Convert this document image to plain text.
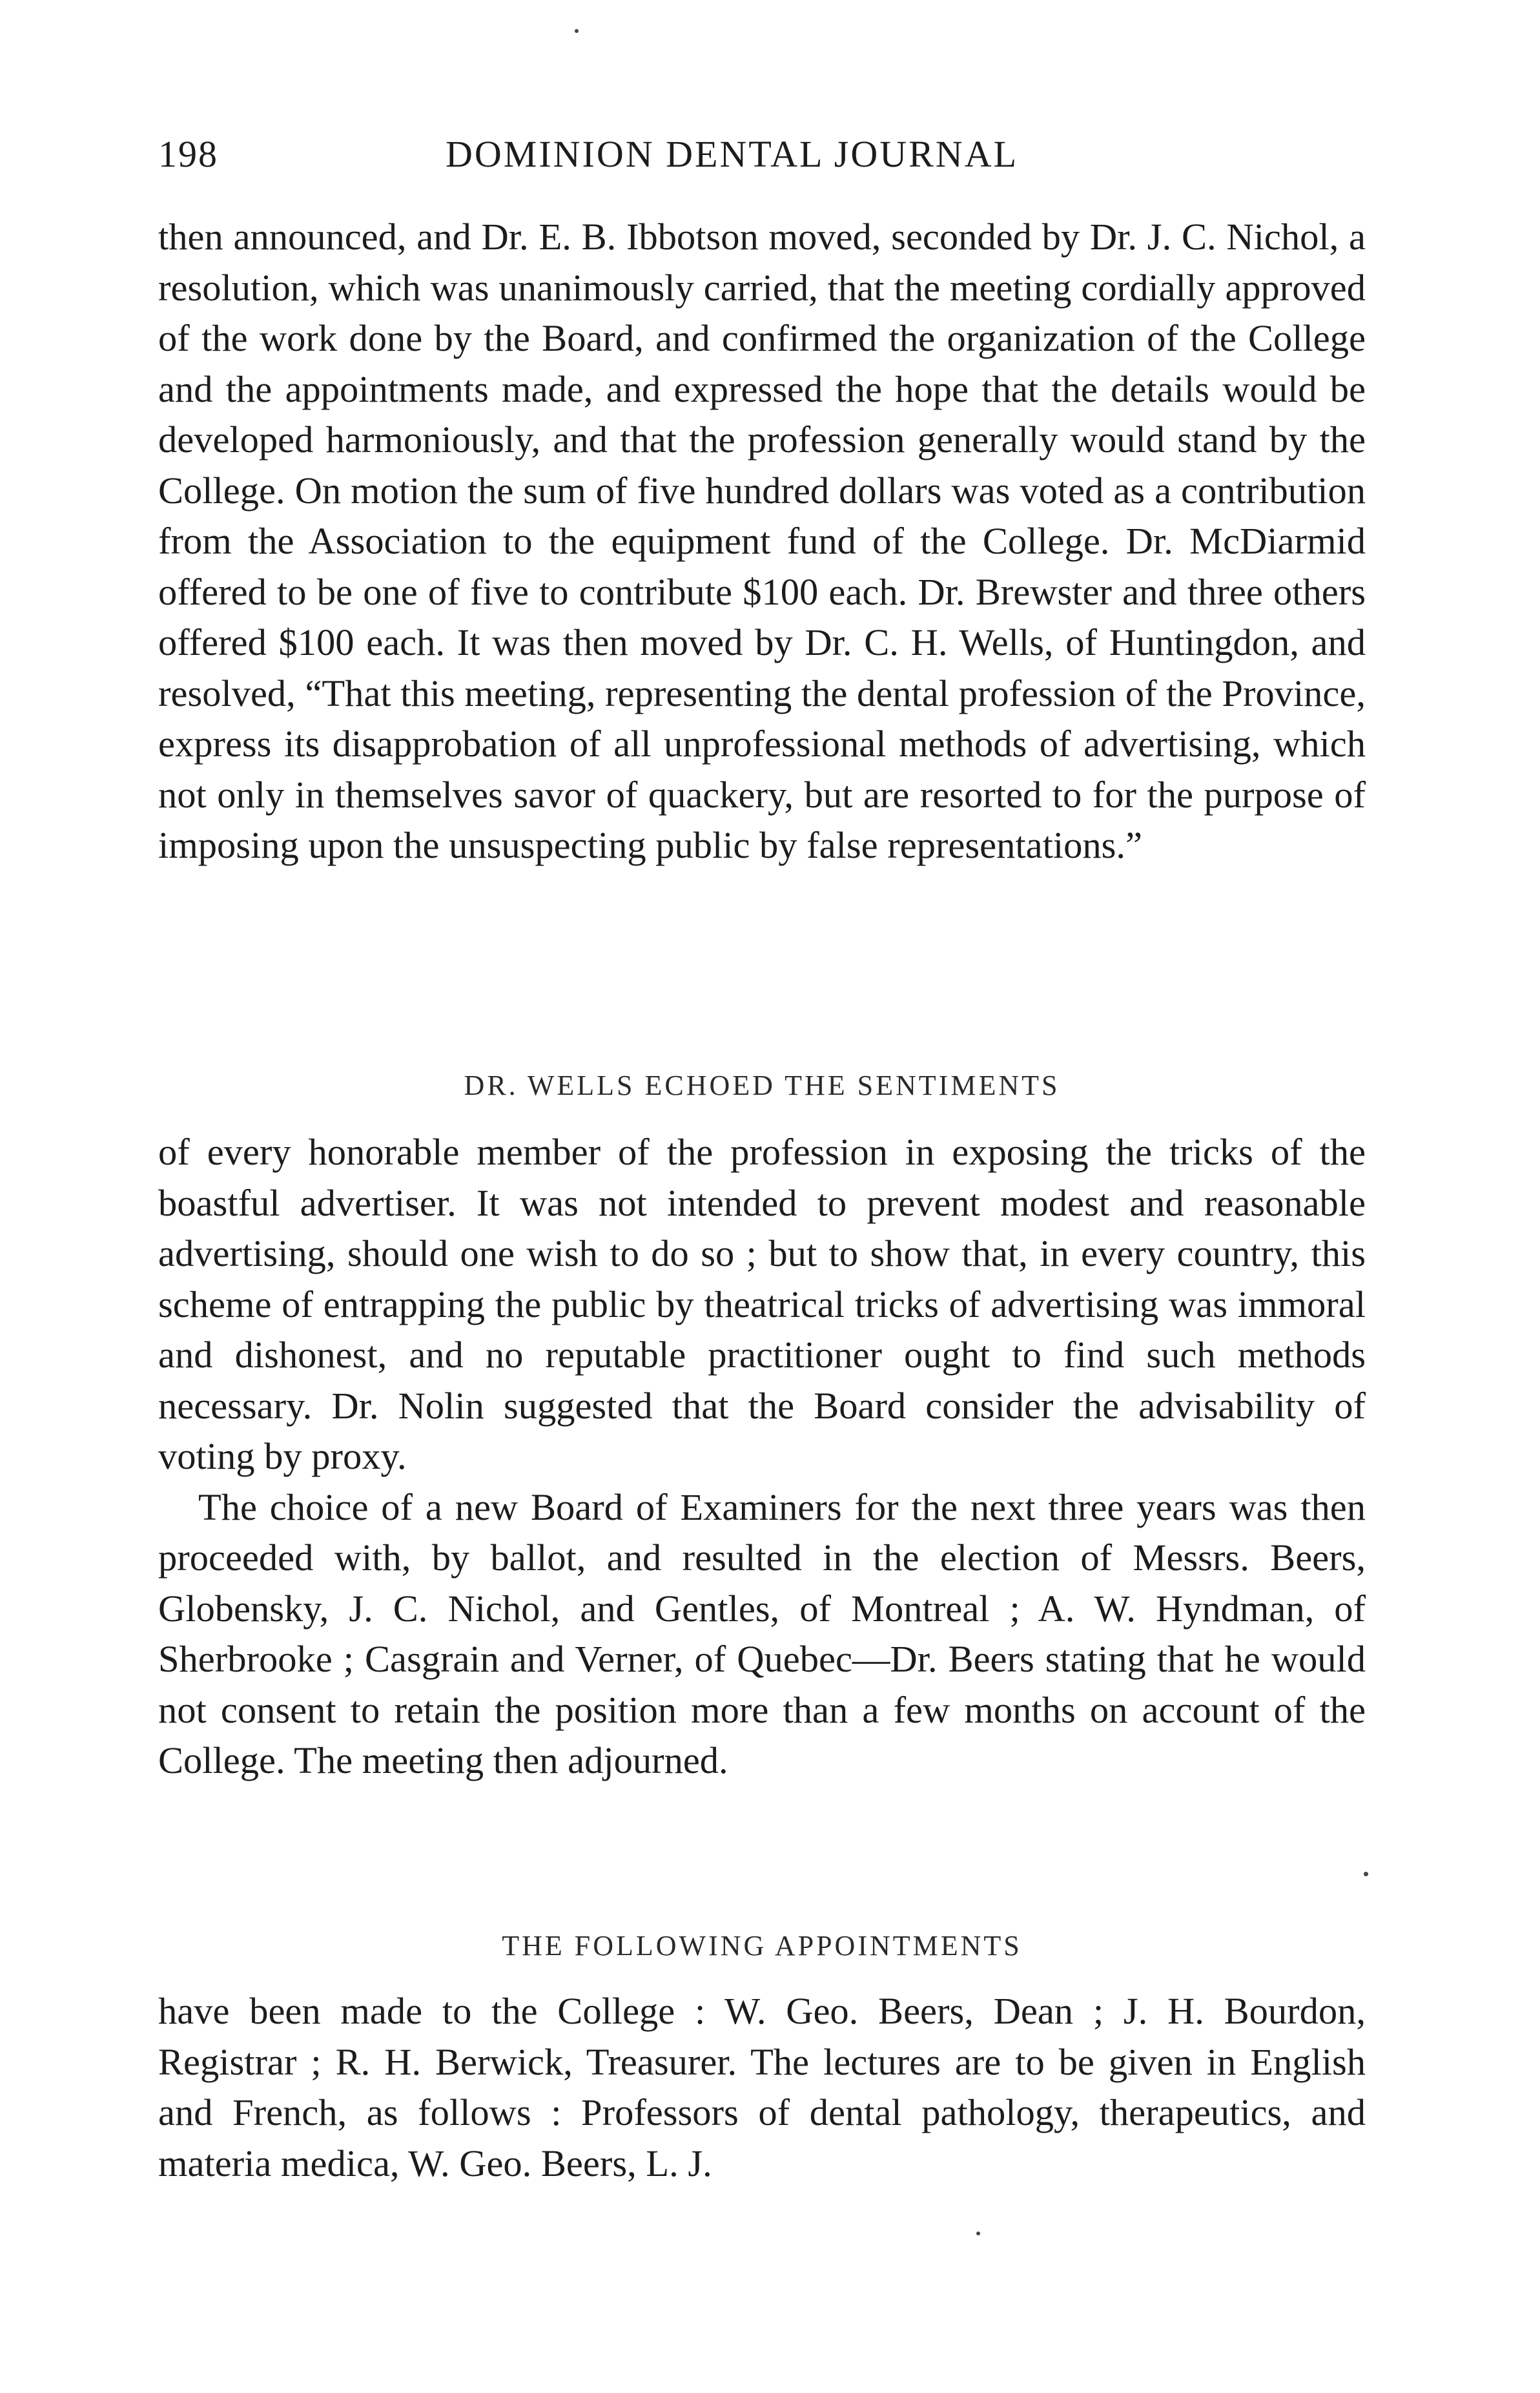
198	DOMINION DENTAL JOURNAL

then announced, and Dr. E. B. Ibbotson moved, seconded by Dr. J. C. Nichol, a resolution, which was unanimously carried, that the meeting cordially approved of the work done by the Board, and confirmed the organization of the College and the appointments made, and expressed the hope that the details would be developed harmoniously, and that the profession generally would stand by the College. On motion the sum of five hundred dollars was voted as a contribution from the Association to the equipment fund of the College. Dr. McDiarmid offered to be one of five to contribute $100 each. Dr. Brewster and three others offered $100 each. It was then moved by Dr. C. H. Wells, of Huntingdon, and resolved, “That this meeting, representing the dental profession of the Province, express its disapprobation of all unprofessional methods of advertising, which not only in themselves savor of quackery, but are resorted to for the purpose of imposing upon the unsuspecting public by false representations.”

DR. WELLS ECHOED THE SENTIMENTS

of every honorable member of the profession in exposing the tricks of the boastful advertiser. It was not intended to prevent modest and reasonable advertising, should one wish to do so ; but to show that, in every country, this scheme of entrapping the public by theatrical tricks of advertising was immoral and dishonest, and no reputable practitioner ought to find such methods necessary. Dr. Nolin suggested that the Board consider the advisability of voting by proxy.

The choice of a new Board of Examiners for the next three years was then proceeded with, by ballot, and resulted in the election of Messrs. Beers, Globensky, J. C. Nichol, and Gentles, of Montreal ; A. W. Hyndman, of Sherbrooke ; Casgrain and Verner, of Quebec—Dr. Beers stating that he would not consent to retain the position more than a few months on account of the College. The meeting then adjourned.

THE FOLLOWING APPOINTMENTS

have been made to the College : W. Geo. Beers, Dean ; J. H. Bourdon, Registrar ; R. H. Berwick, Treasurer. The lectures are to be given in English and French, as follows : Professors of dental pathology, therapeutics, and materia medica, W. Geo. Beers, L. J.
